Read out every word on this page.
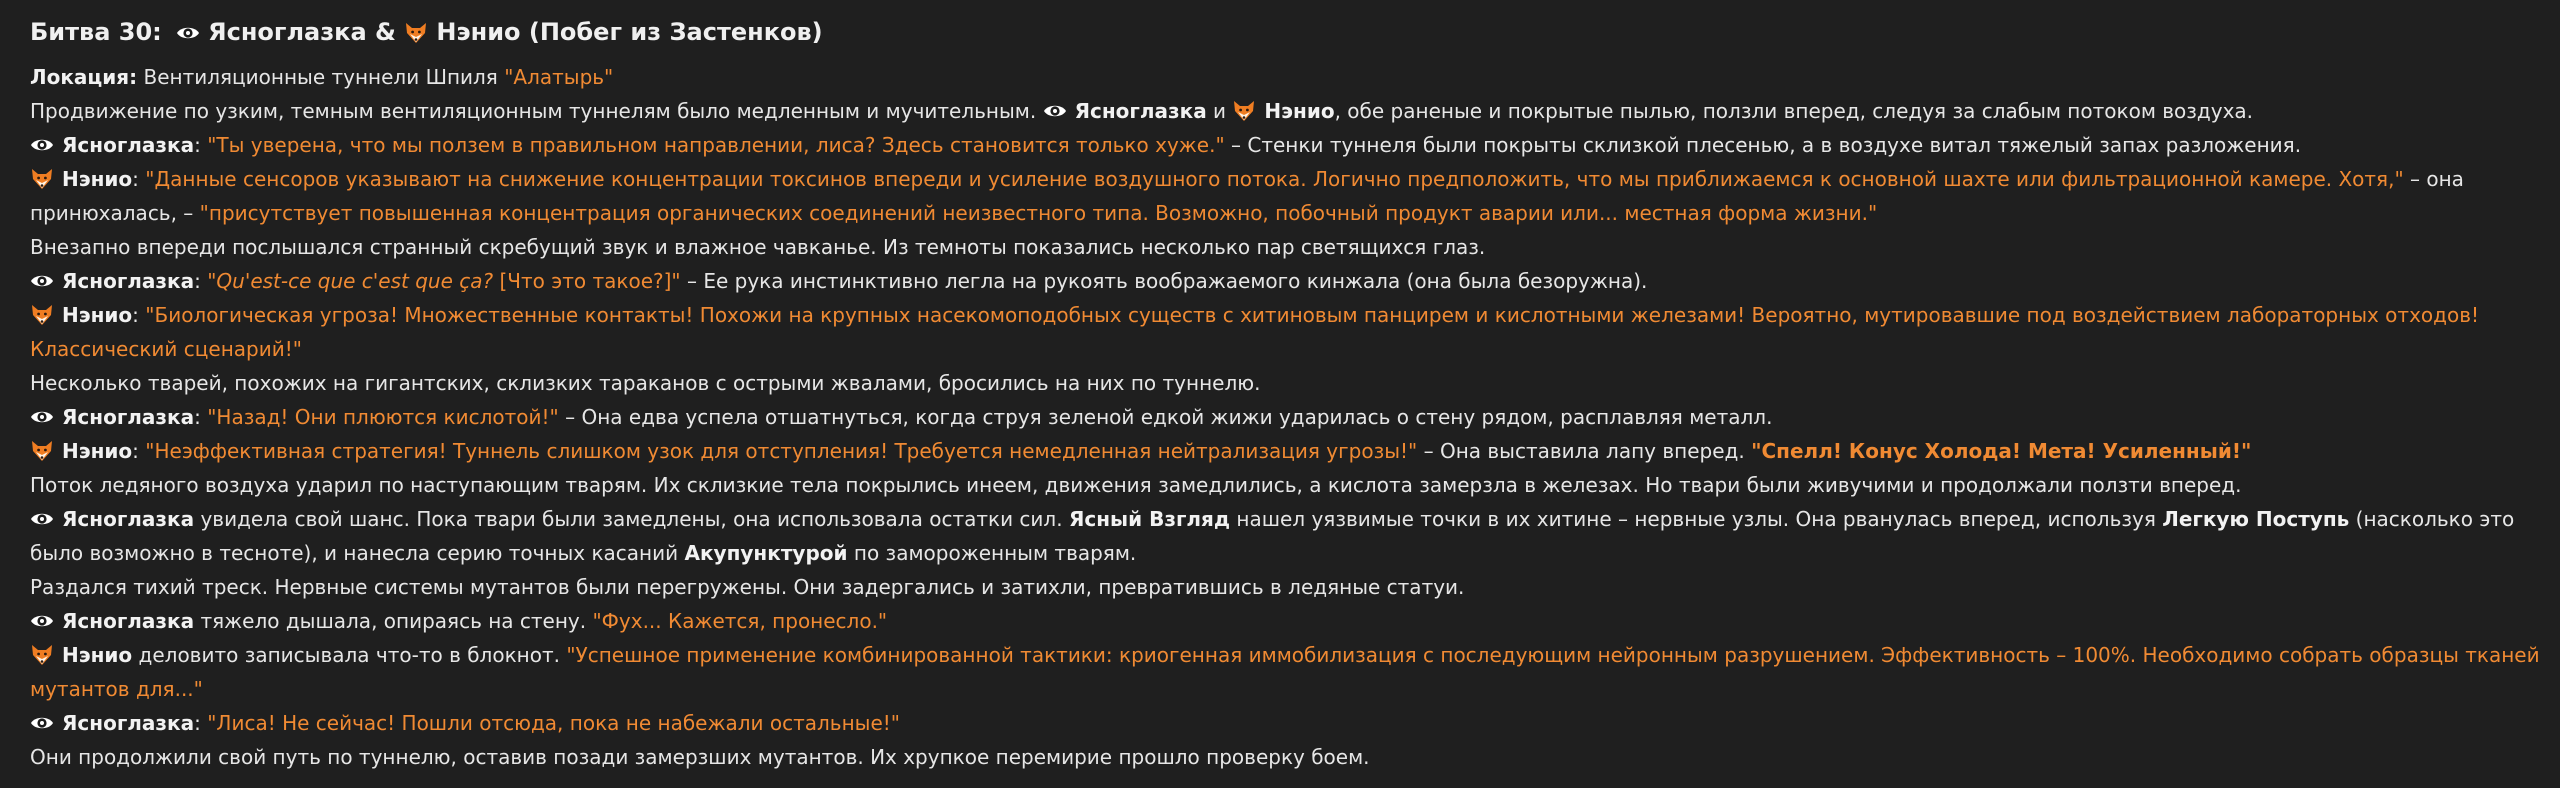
Битва 30: Ясноглазка & Нэнио (Побег из Застенков)

Локация: Вентиляционные туннели Шпиля "Алатырь"

Продвижение по узким, темным вентиляционным туннелям было медленным и мучительным. Ясноглазка и
Нэнио, обе раненые и покрытые пылью, ползли вперед, следуя за слабым потоком воздуха.

Ясноглазка: "Ты уверена, что мы ползем в правильном направлении, лиса? Здесь становится только хуже." – Стенки туннеля были покрыты склизкой плесенью, а в воздухе витал тяжелый запах разложения.

Нэнио: "Данные сенсоров указывают на снижение концентрации токсинов впереди и усиление воздушного потока. Логично предположить, что мы приближаемся к основной шахте или фильтрационной камере. Хотя," – она принюхалась, – "присутствует повышенная концентрация органических соединений неизвестного типа. Возможно, побочный продукт аварии или... местная форма жизни."

Внезапно впереди послышался странный скребущий звук и влажное чавканье. Из темноты показались несколько пар светящихся глаз.

Ясноглазка: "Qu'est-ce que c'est que ça? [Что это такое?]" – Ее рука инстинктивно легла на рукоять воображаемого кинжала (она была безоружна).

Нэнио: "Биологическая угроза! Множественные контакты! Похожи на крупных насекомоподобных существ с хитиновым панцирем и кислотными железами! Вероятно, мутировавшие под воздействием лабораторных отходов! Классический сценарий!"

Несколько тварей, похожих на гигантских, склизких тараканов с острыми жвалами, бросились на них по туннелю.

Ясноглазка: "Назад! Они плюются кислотой!" – Она едва успела отшатнуться, когда струя зеленой едкой жижи ударилась о стену рядом, расплавляя металл.

Нэнио: "Неэффективная стратегия! Туннель слишком узок для отступления! Требуется немедленная нейтрализация угрозы!" – Она выставила лапу вперед. "Спелл! Конус Холода! Мета! Усиленный!"

Поток ледяного воздуха ударил по наступающим тварям. Их склизкие тела покрылись инеем, движения замедлились, а кислота замерзла в железах. Но твари были живучими и продолжали ползти вперед.

Ясноглазка увидела свой шанс. Пока твари были замедлены, она использовала остатки сил. Ясный Взгляд нашел уязвимые точки в их хитине – нервные узлы. Она рванулась вперед, используя Легкую Поступь (насколько это было возможно в тесноте), и нанесла серию точных касаний Акупунктурой по замороженным тварям.

Раздался тихий треск. Нервные системы мутантов были перегружены. Они задергались и затихли, превратившись в ледяные статуи.

Ясноглазка тяжело дышала, опираясь на стену. "Фух... Кажется, пронесло."

Нэнио деловито записывала что-то в блокнот. "Успешное применение комбинированной тактики: криогенная иммобилизация с последующим нейронным разрушением. Эффективность – 100%. Необходимо собрать образцы тканей мутантов для..."

Ясноглазка: "Лиса! Не сейчас! Пошли отсюда, пока не набежали остальные!"

Они продолжили свой путь по туннелю, оставив позади замерзших мутантов. Их хрупкое перемирие прошло проверку боем.
